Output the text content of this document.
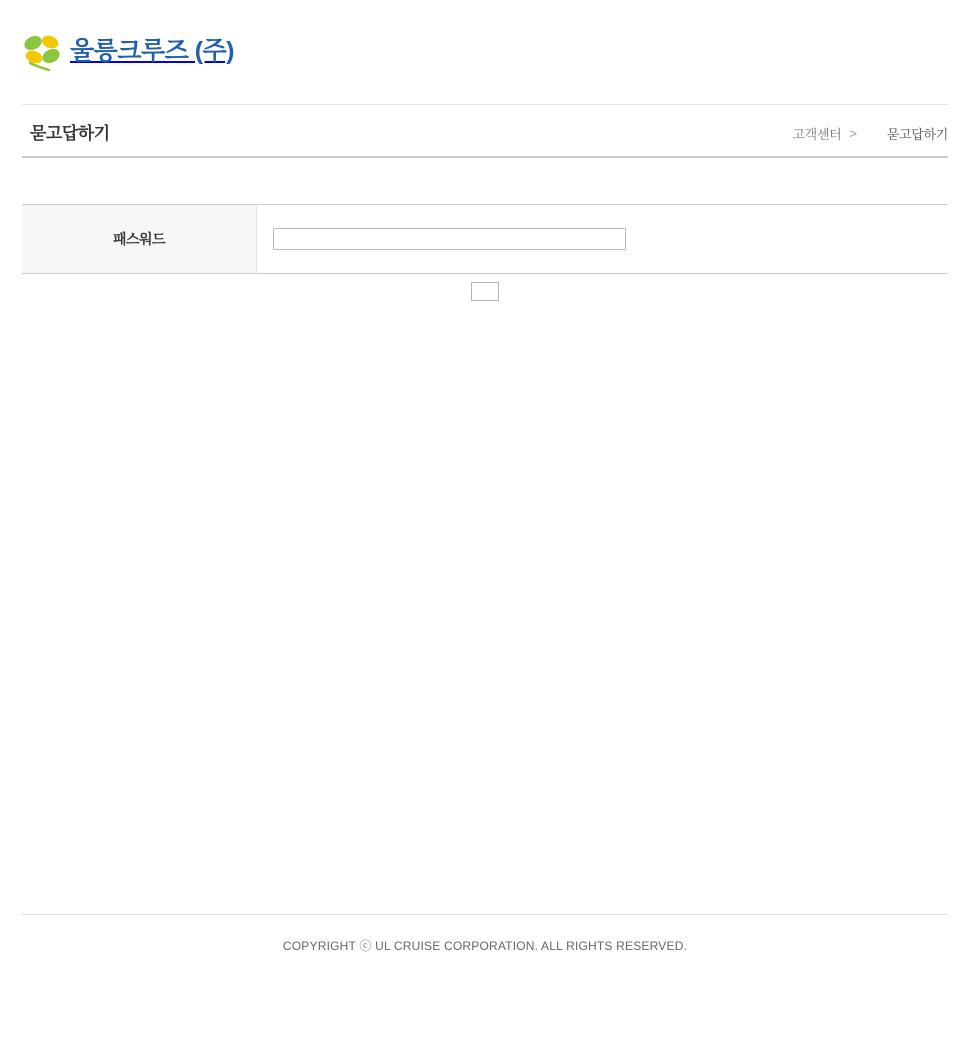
울릉크루즈 (주)
묻고답하기	고객센터 >	묻고답하기
패스워드	
COPYRIGHT ⓒ UL CRUISE CORPORATION. ALL RIGHTS RESERVED.
